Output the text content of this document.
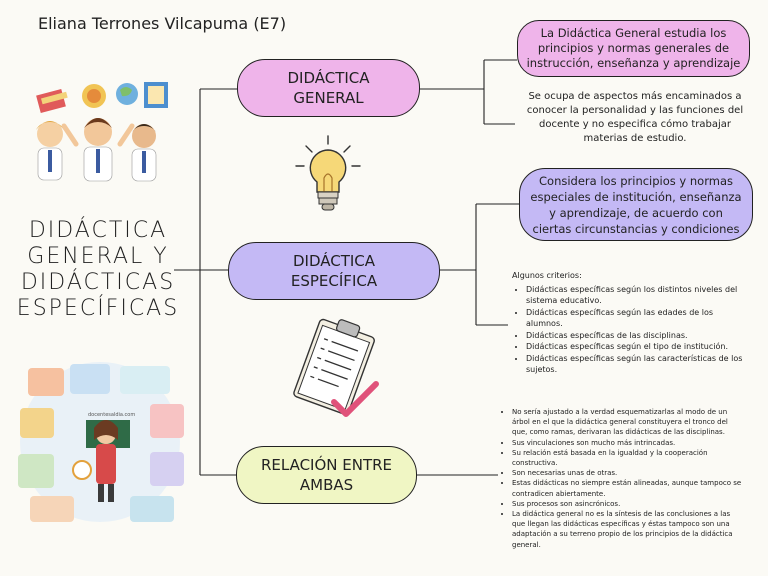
Eliana Terrones Vilcapuma (E7)
DIDÁCTICA GENERAL Y DIDÁCTICAS ESPECÍFICAS
docentesaldia.com
DIDÁCTICA GENERAL
DIDÁCTICA ESPECÍFICA
RELACIÓN ENTRE AMBAS
La Didáctica General estudia los principios y normas generales de instrucción, enseñanza y aprendizaje
Se ocupa de aspectos más encaminados a conocer la personalidad y las funciones del docente y no especifica cómo trabajar materias de estudio.
Considera los principios y normas especiales de institución, enseñanza y aprendizaje, de acuerdo con ciertas circunstancias y condiciones
Algunos criterios:
• Didácticas específicas según los distintos niveles del sistema educativo.
• Didácticas específicas según las edades de los alumnos.
• Didácticas específicas de las disciplinas.
• Didácticas específicas según el tipo de institución.
• Didácticas específicas según las características de los sujetos.
• No sería ajustado a la verdad esquematizarlas al modo de un árbol en el que la didáctica general constituyera el tronco del que, como ramas, derivaran las didácticas de las disciplinas.
• Sus vinculaciones son mucho más intrincadas.
• Su relación está basada en la igualdad y la cooperación constructiva.
• Son necesarias unas de otras.
• Estas didácticas no siempre están alineadas, aunque tampoco se contradicen abiertamente.
• Sus procesos son asincrónicos.
• La didáctica general no es la síntesis de las conclusiones a las que llegan las didácticas específicas y éstas tampoco son una adaptación a su terreno propio de los principios de la didáctica general.
